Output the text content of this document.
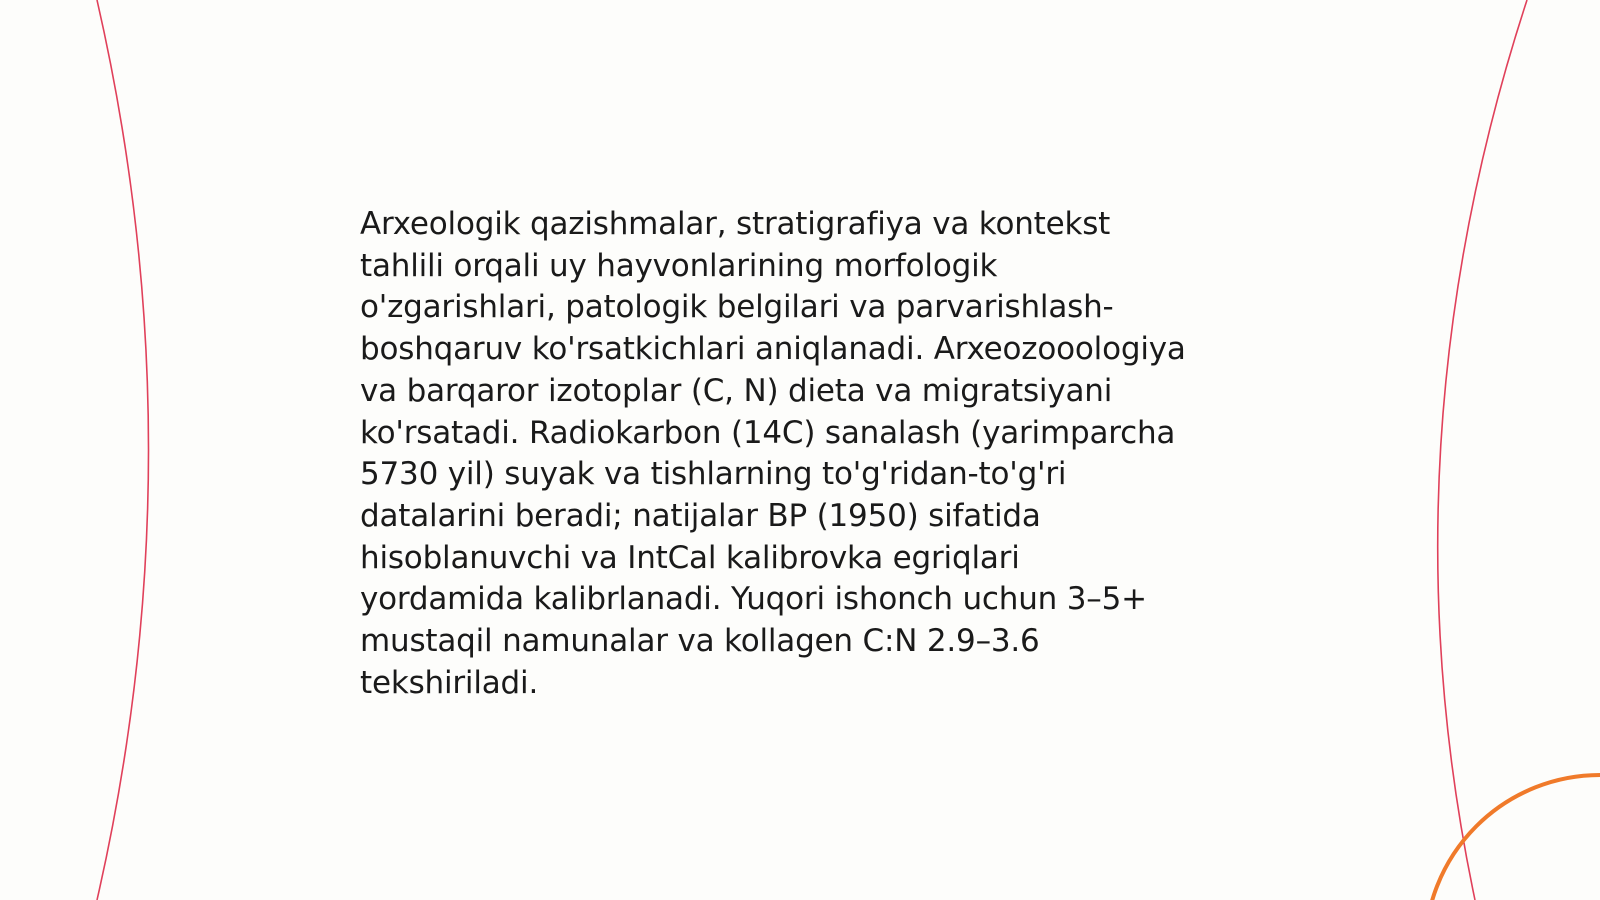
Arxeologik qazishmalar, stratigrafiya va kontekst
tahlili orqali uy hayvonlarining morfologik
o'zgarishlari, patologik belgilari va parvarishlash-
boshqaruv ko'rsatkichlari aniqlanadi. Arxeozooologiya
va barqaror izotoplar (C, N) dieta va migratsiyani
ko'rsatadi. Radiokarbon (14C) sanalash (yarimparcha
5730 yil) suyak va tishlarning to'g'ridan-to'g'ri
datalarini beradi; natijalar BP (1950) sifatida
hisoblanuvchi va IntCal kalibrovka egriqlari
yordamida kalibrlanadi. Yuqori ishonch uchun 3–5+
mustaqil namunalar va kollagen C:N 2.9–3.6
tekshiriladi.
